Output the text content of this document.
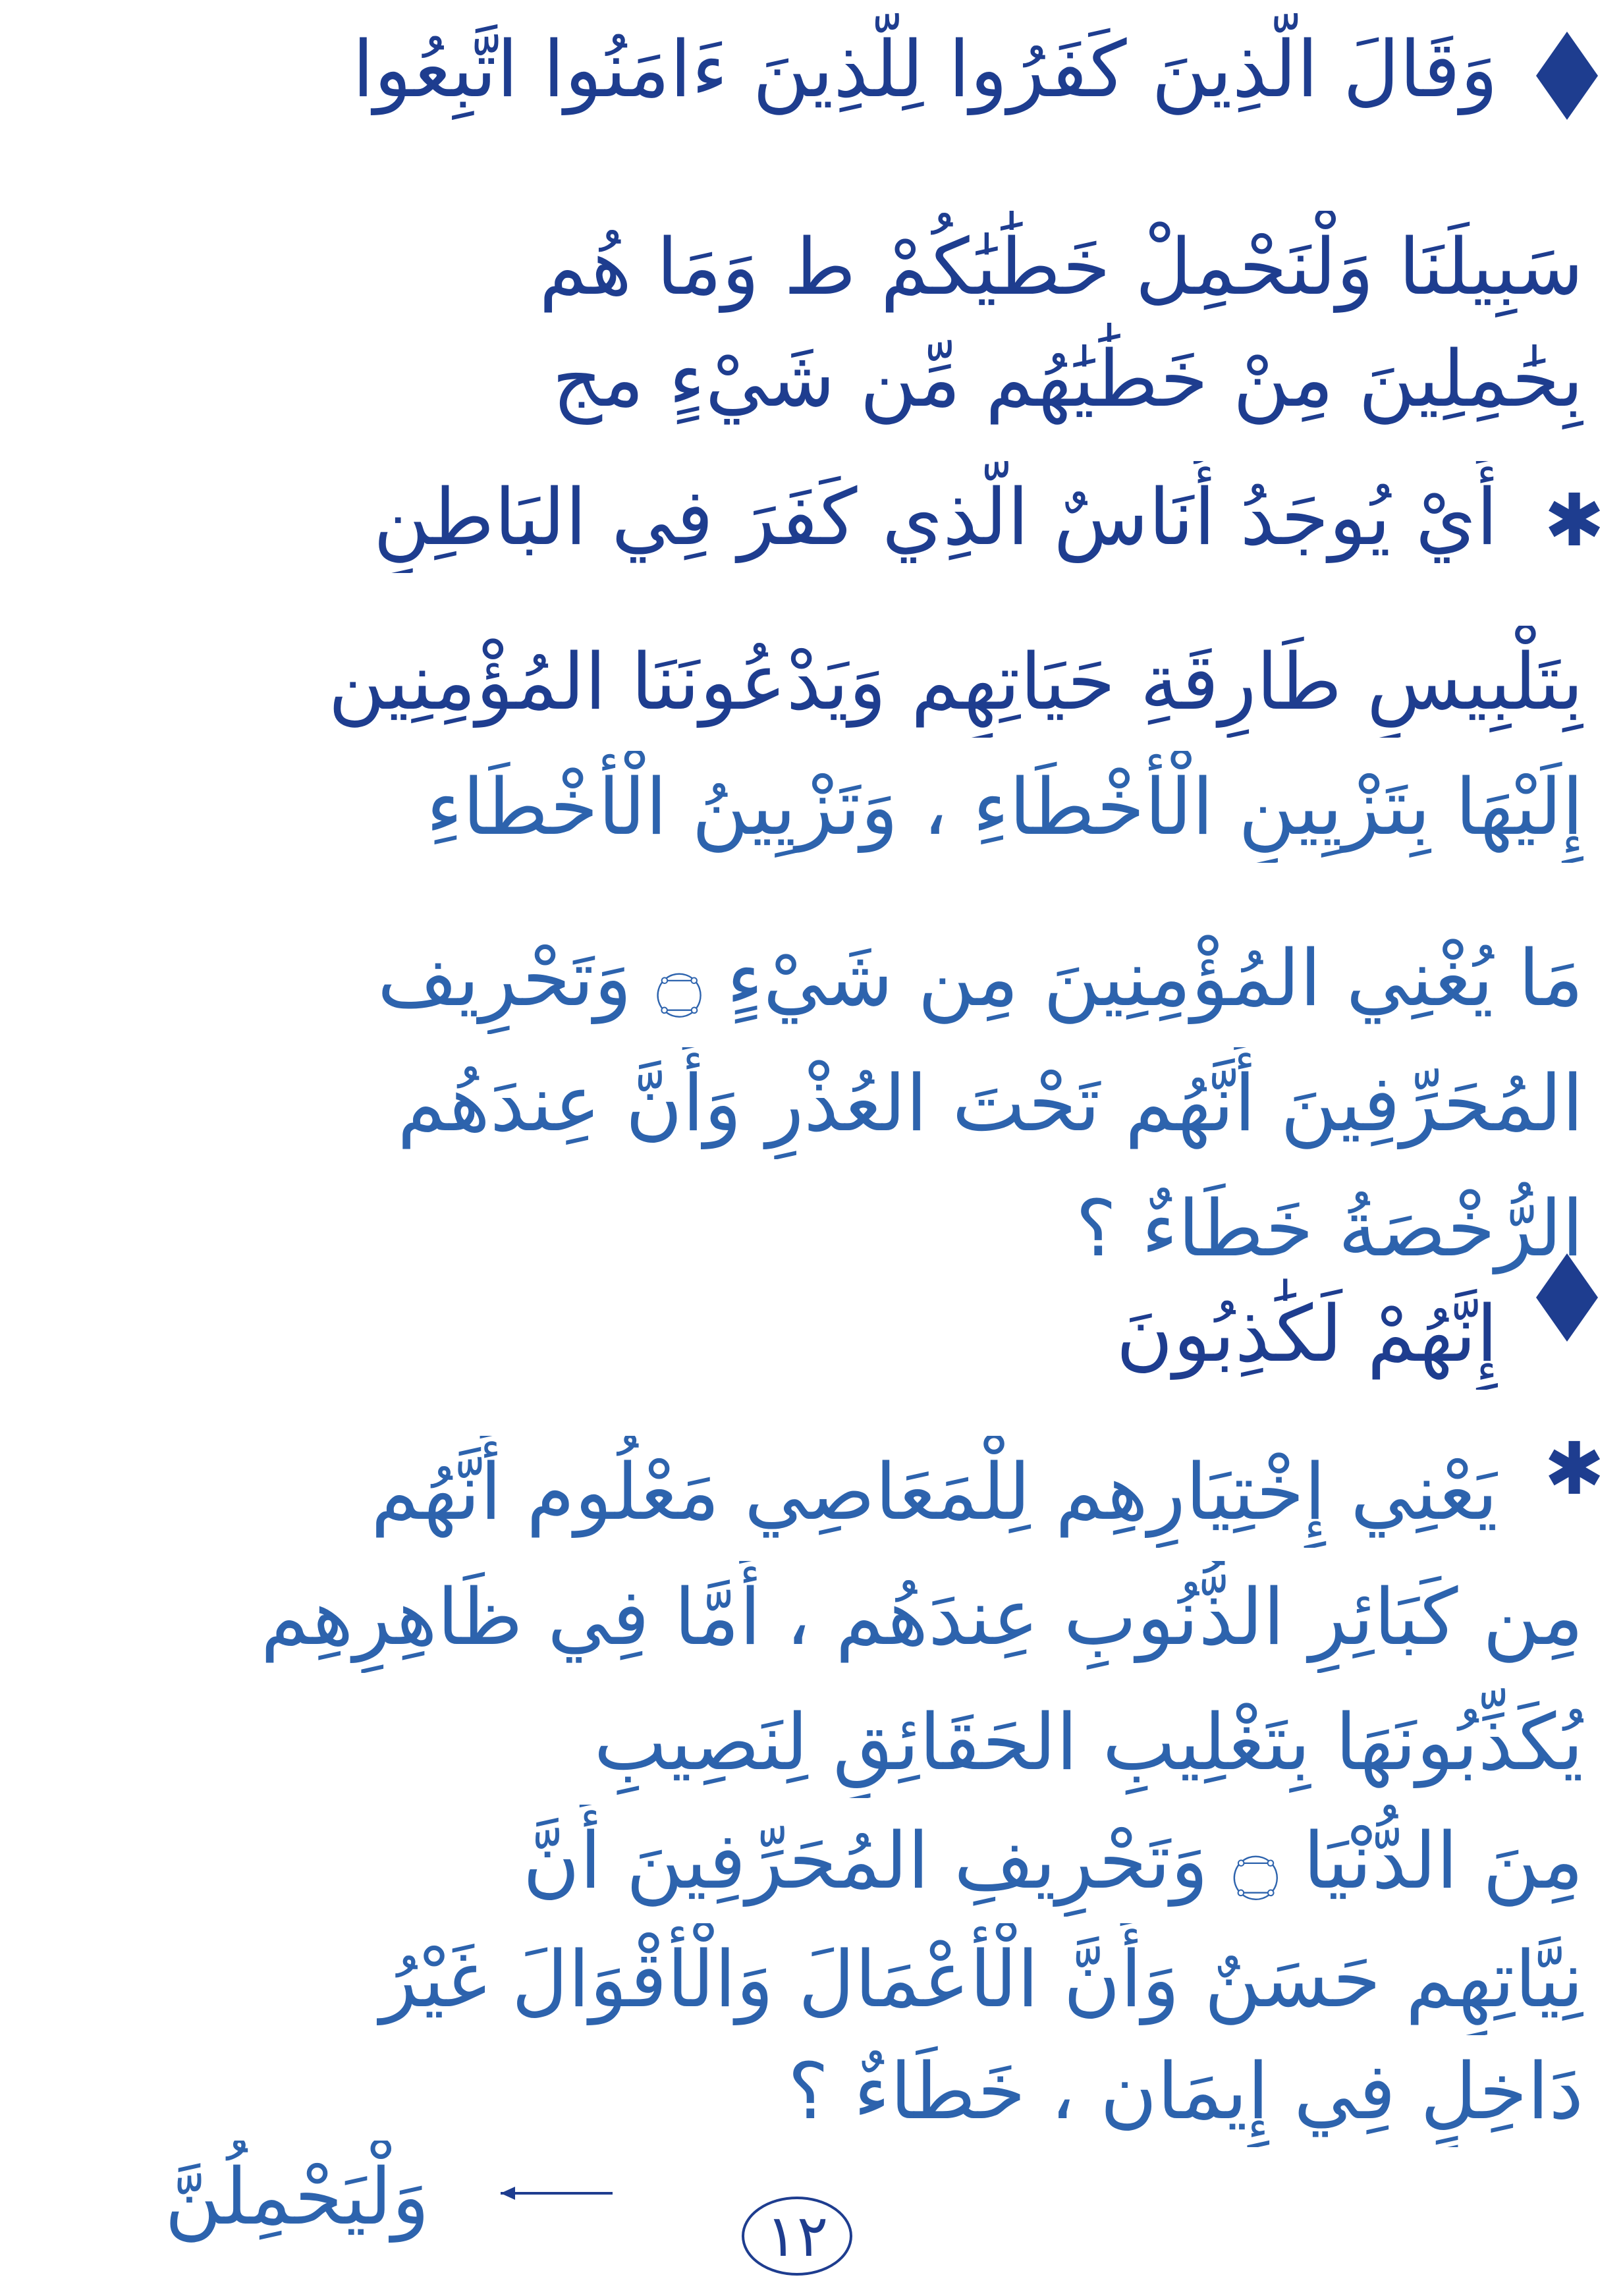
وَقَالَ الَّذِينَ كَفَرُوا لِلَّذِينَ ءَامَنُوا اتَّبِعُوا
سَبِيلَنَا وَلْنَحْمِلْ خَطَٰيَٰكُمْ ط وَمَا هُم
بِحَٰمِلِينَ مِنْ خَطَٰيَٰهُم مِّن شَيْءٍ مج
✱
أَيْ يُوجَدُ أُنَاسٌ الَّذِي كَفَرَ فِي البَاطِنِ
بِتَلْبِيسِ طَارِقَةِ حَيَاتِهِم وَيَدْعُونَنَا المُؤْمِنِين
إِلَيْهَا بِتَزْيِينِ الْأَخْطَاءِ ، وَتَزْيِينُ الْأَخْطَاءِ
مَا يُغْنِي المُؤْمِنِينَ مِن شَيْءٍ ۝ وَتَحْرِيف
المُحَرِّفِينَ أَنَّهُم تَحْتَ العُذْرِ وَأَنَّ عِندَهُم
الرُّخْصَةُ خَطَاءٌ ؟
إِنَّهُمْ لَكَٰذِبُونَ
✱
يَعْنِي إِخْتِيَارِهِم لِلْمَعَاصِي مَعْلُوم أَنَّهُم
مِن كَبَائِرِ الذُّنُوبِ عِندَهُم ، أَمَّا فِي ظَاهِرِهِم
يُكَذِّبُونَهَا بِتَغْلِيبِ الحَقَائِقِ لِنَصِيبِ
مِنَ الدُّنْيَا ۝ وَتَحْرِيفِ المُحَرِّفِينَ أَنَّ
نِيَّاتِهِم حَسَنٌ وَأَنَّ الْأَعْمَالَ وَالْأَقْوَالَ غَيْرُ
دَاخِلٍ فِي إِيمَان ، خَطَاءٌ ؟
وَلْيَحْمِلُنَّ	١٢
